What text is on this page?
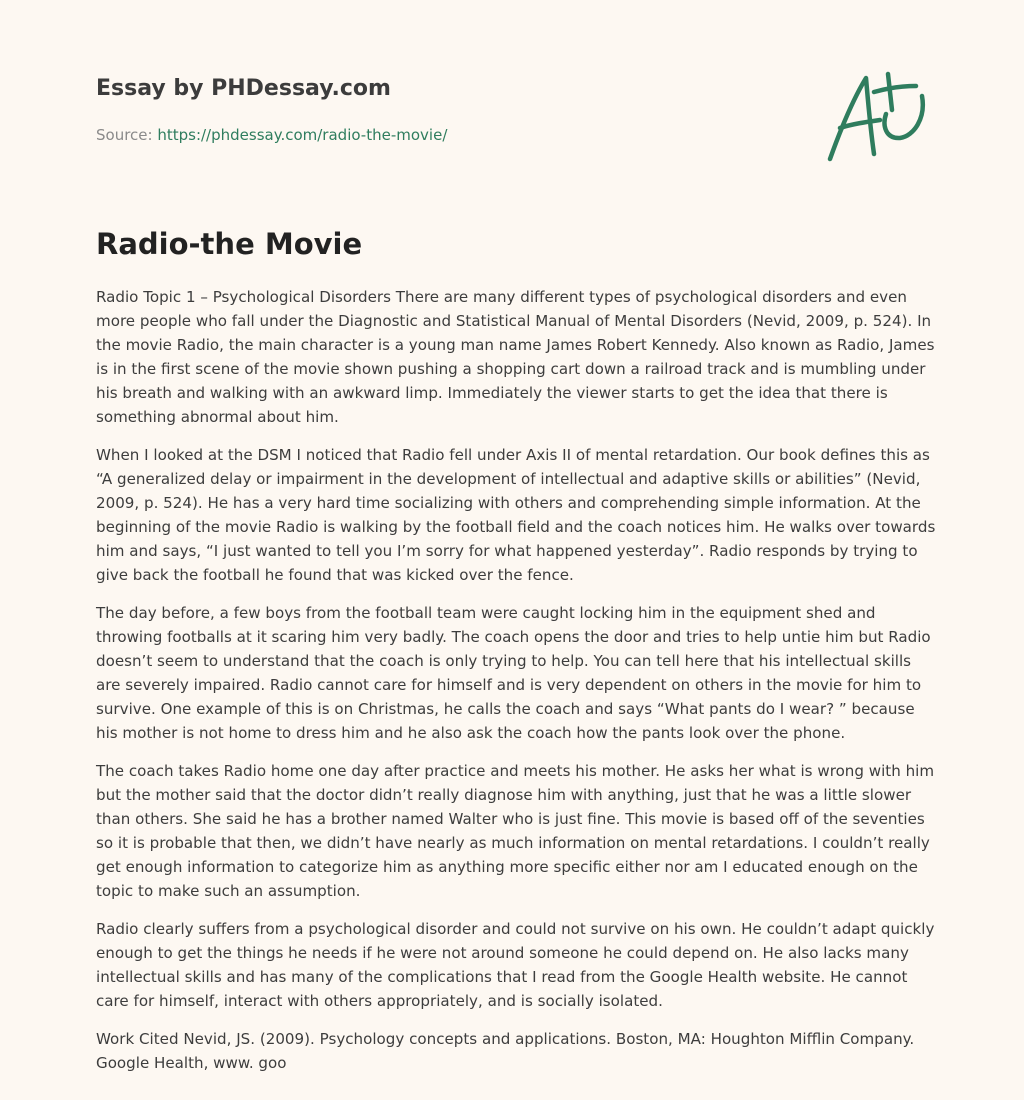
Essay by PHDessay.com
Source: https://phdessay.com/radio-the-movie/
Radio-the Movie

Radio Topic 1 – Psychological Disorders There are many different types of psychological disorders and even more people who fall under the Diagnostic and Statistical Manual of Mental Disorders (Nevid, 2009, p. 524). In the movie Radio, the main character is a young man name James Robert Kennedy. Also known as Radio, James is in the first scene of the movie shown pushing a shopping cart down a railroad track and is mumbling under his breath and walking with an awkward limp. Immediately the viewer starts to get the idea that there is something abnormal about him.

When I looked at the DSM I noticed that Radio fell under Axis II of mental retardation. Our book defines this as “A generalized delay or impairment in the development of intellectual and adaptive skills or abilities” (Nevid, 2009, p. 524). He has a very hard time socializing with others and comprehending simple information. At the beginning of the movie Radio is walking by the football field and the coach notices him. He walks over towards him and says, “I just wanted to tell you I’m sorry for what happened yesterday”. Radio responds by trying to give back the football he found that was kicked over the fence.

The day before, a few boys from the football team were caught locking him in the equipment shed and throwing footballs at it scaring him very badly. The coach opens the door and tries to help untie him but Radio doesn’t seem to understand that the coach is only trying to help. You can tell here that his intellectual skills are severely impaired. Radio cannot care for himself and is very dependent on others in the movie for him to survive. One example of this is on Christmas, he calls the coach and says “What pants do I wear? ” because his mother is not home to dress him and he also ask the coach how the pants look over the phone.

The coach takes Radio home one day after practice and meets his mother. He asks her what is wrong with him but the mother said that the doctor didn’t really diagnose him with anything, just that he was a little slower than others. She said he has a brother named Walter who is just fine. This movie is based off of the seventies so it is probable that then, we didn’t have nearly as much information on mental retardations. I couldn’t really get enough information to categorize him as anything more specific either nor am I educated enough on the topic to make such an assumption.

Radio clearly suffers from a psychological disorder and could not survive on his own. He couldn’t adapt quickly enough to get the things he needs if he were not around someone he could depend on. He also lacks many intellectual skills and has many of the complications that I read from the Google Health website. He cannot care for himself, interact with others appropriately, and is socially isolated.

Work Cited Nevid, JS. (2009). Psychology concepts and applications. Boston, MA: Houghton Mifflin Company. Google Health, www. goo
